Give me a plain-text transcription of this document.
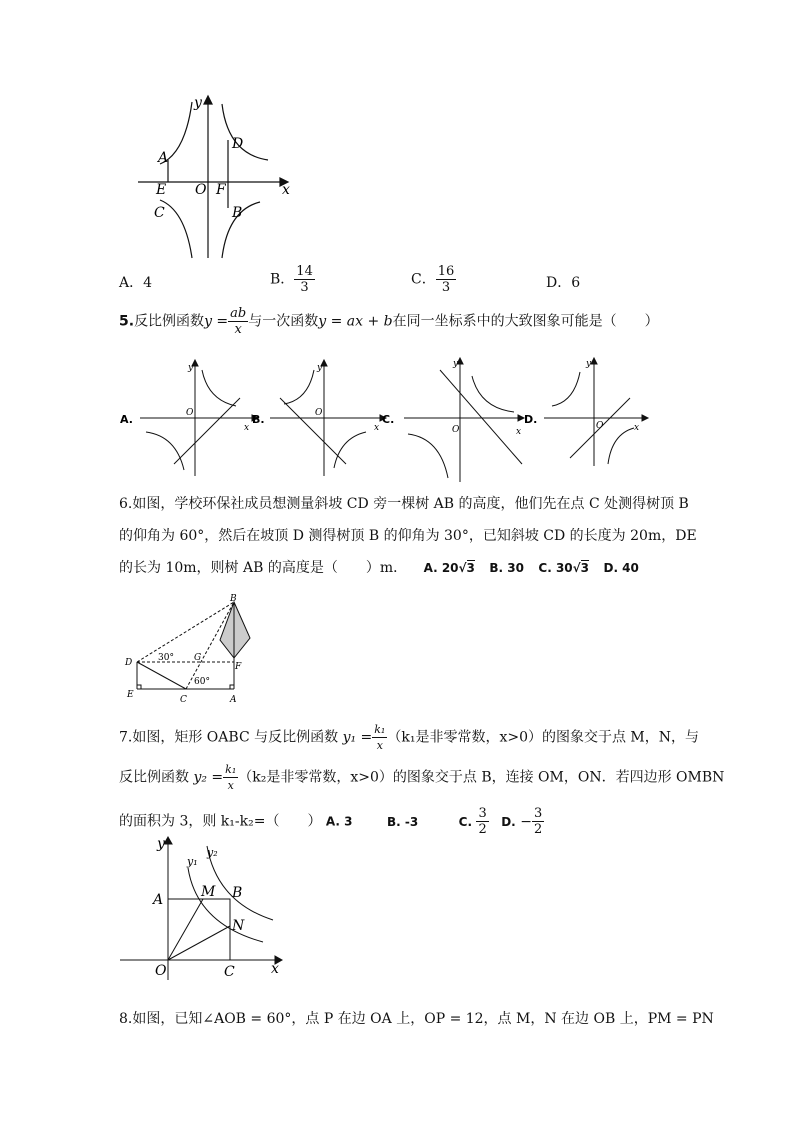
y
x
A
D
E O F
C	B
A．4	B． $\frac{14}{3}$	C． $\frac{16}{3}$	D．6
5.反比例函数$y = \frac{ab}{x}$ 与一次函数y = ax + b在同一坐标系中的大致图象可能是（　　）
A.	B.	C.	D.
y
x
O
y
x
O
y
x
O
y
x
O
6.如图，学校环保社成员想测量斜坡 CD 旁一棵树 AB 的高度，他们先在点 C 处测得树顶 B
的仰角为 60°，然后在坡顶 D 测得树顶 B 的仰角为 30°，已知斜坡 CD 的长度为 20m，DE
的长为 10m，则树 AB 的高度是（　　）m． A. 20√3 B. 30 C. 30√3 D. 40
B
D	G
F
E	C	A
30°
60°
7.如图，矩形 OABC 与反比例函数 $y_1 = \frac{\text{k₁}}{x} (k_1$是非零常数，x>0）的图象交于点 M，N，与
反比例函数 $y_2 = \frac{\text{k₁}}{x} (k_2$是非零常数，x>0）的图象交于点 B，连接 OM，ON．若四边形 OMBN
的面积为 3，则 k₁-k₂=（　　） A. 3	B. -3	C. $\frac{3}{2} D$. − $\frac{3}{2}$
y
x
y₁
y₂
A	M B
N
O	C
8.如图，已知∠AOB = 60°，点 P 在边 OA 上，OP = 12，点 M，N 在边 OB 上，PM = PN
